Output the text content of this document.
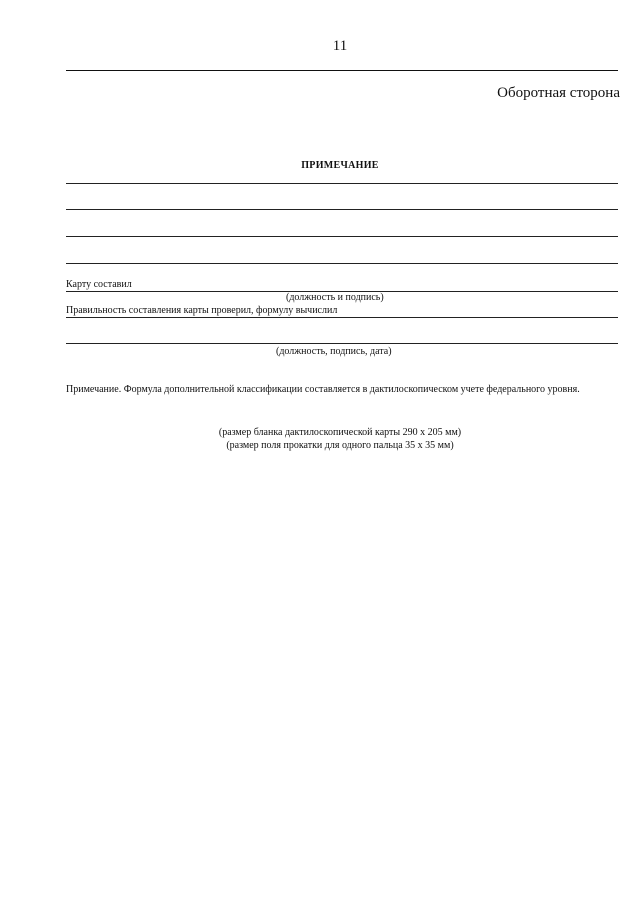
11
Оборотная сторона
ПРИМЕЧАНИЕ
Карту составил
(должность и подпись)
Правильность составления карты проверил, формулу вычислил
(должность, подпись, дата)
Примечание. Формула дополнительной классификации составляется в дактилоскопическом учете федерального уровня.
(размер бланка дактилоскопической карты 290 x 205 мм)
(размер поля прокатки для одного пальца 35 x 35 мм)
